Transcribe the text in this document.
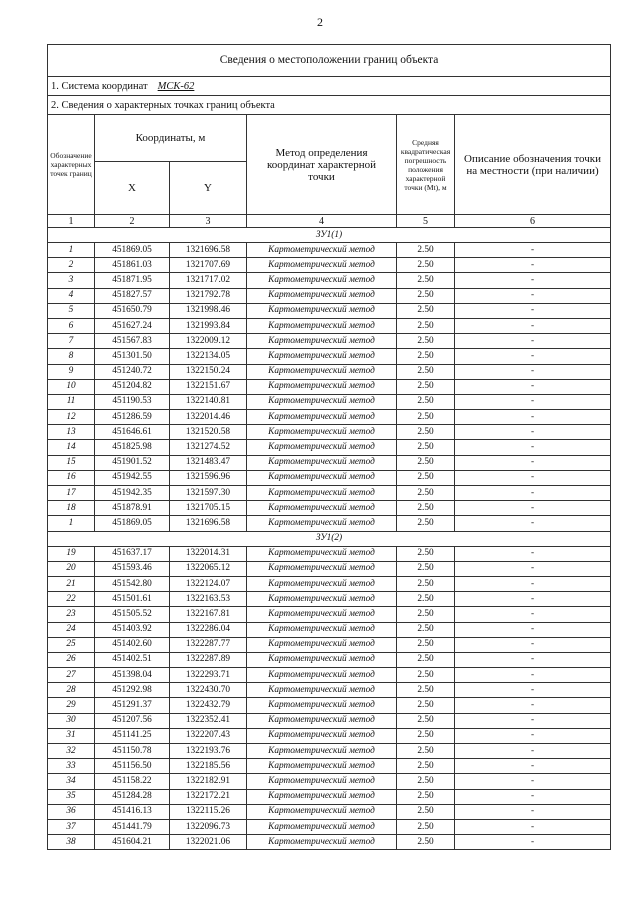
2
Сведения о местоположении границ объекта					
1. Система координат МСК-62					
2. Сведения о характерных точках границ объекта					
Обозначение характерных точек границ	Координаты, м		Метод определения координат характерной точки	Средняя квадратическая погрешность положения характерной точки (Mt), м	Описание обозначения точки на местности (при наличии)
	X	Y			
1	2	3	4	5	6
ЗУ1(1)					
1	451869.05	1321696.58	Картометрический метод	2.50	-
2	451861.03	1321707.69	Картометрический метод	2.50	-
3	451871.95	1321717.02	Картометрический метод	2.50	-
4	451827.57	1321792.78	Картометрический метод	2.50	-
5	451650.79	1321998.46	Картометрический метод	2.50	-
6	451627.24	1321993.84	Картометрический метод	2.50	-
7	451567.83	1322009.12	Картометрический метод	2.50	-
8	451301.50	1322134.05	Картометрический метод	2.50	-
9	451240.72	1322150.24	Картометрический метод	2.50	-
10	451204.82	1322151.67	Картометрический метод	2.50	-
11	451190.53	1322140.81	Картометрический метод	2.50	-
12	451286.59	1322014.46	Картометрический метод	2.50	-
13	451646.61	1321520.58	Картометрический метод	2.50	-
14	451825.98	1321274.52	Картометрический метод	2.50	-
15	451901.52	1321483.47	Картометрический метод	2.50	-
16	451942.55	1321596.96	Картометрический метод	2.50	-
17	451942.35	1321597.30	Картометрический метод	2.50	-
18	451878.91	1321705.15	Картометрический метод	2.50	-
1	451869.05	1321696.58	Картометрический метод	2.50	-
ЗУ1(2)					
19	451637.17	1322014.31	Картометрический метод	2.50	-
20	451593.46	1322065.12	Картометрический метод	2.50	-
21	451542.80	1322124.07	Картометрический метод	2.50	-
22	451501.61	1322163.53	Картометрический метод	2.50	-
23	451505.52	1322167.81	Картометрический метод	2.50	-
24	451403.92	1322286.04	Картометрический метод	2.50	-
25	451402.60	1322287.77	Картометрический метод	2.50	-
26	451402.51	1322287.89	Картометрический метод	2.50	-
27	451398.04	1322293.71	Картометрический метод	2.50	-
28	451292.98	1322430.70	Картометрический метод	2.50	-
29	451291.37	1322432.79	Картометрический метод	2.50	-
30	451207.56	1322352.41	Картометрический метод	2.50	-
31	451141.25	1322207.43	Картометрический метод	2.50	-
32	451150.78	1322193.76	Картометрический метод	2.50	-
33	451156.50	1322185.56	Картометрический метод	2.50	-
34	451158.22	1322182.91	Картометрический метод	2.50	-
35	451284.28	1322172.21	Картометрический метод	2.50	-
36	451416.13	1322115.26	Картометрический метод	2.50	-
37	451441.79	1322096.73	Картометрический метод	2.50	-
38	451604.21	1322021.06	Картометрический метод	2.50	-
